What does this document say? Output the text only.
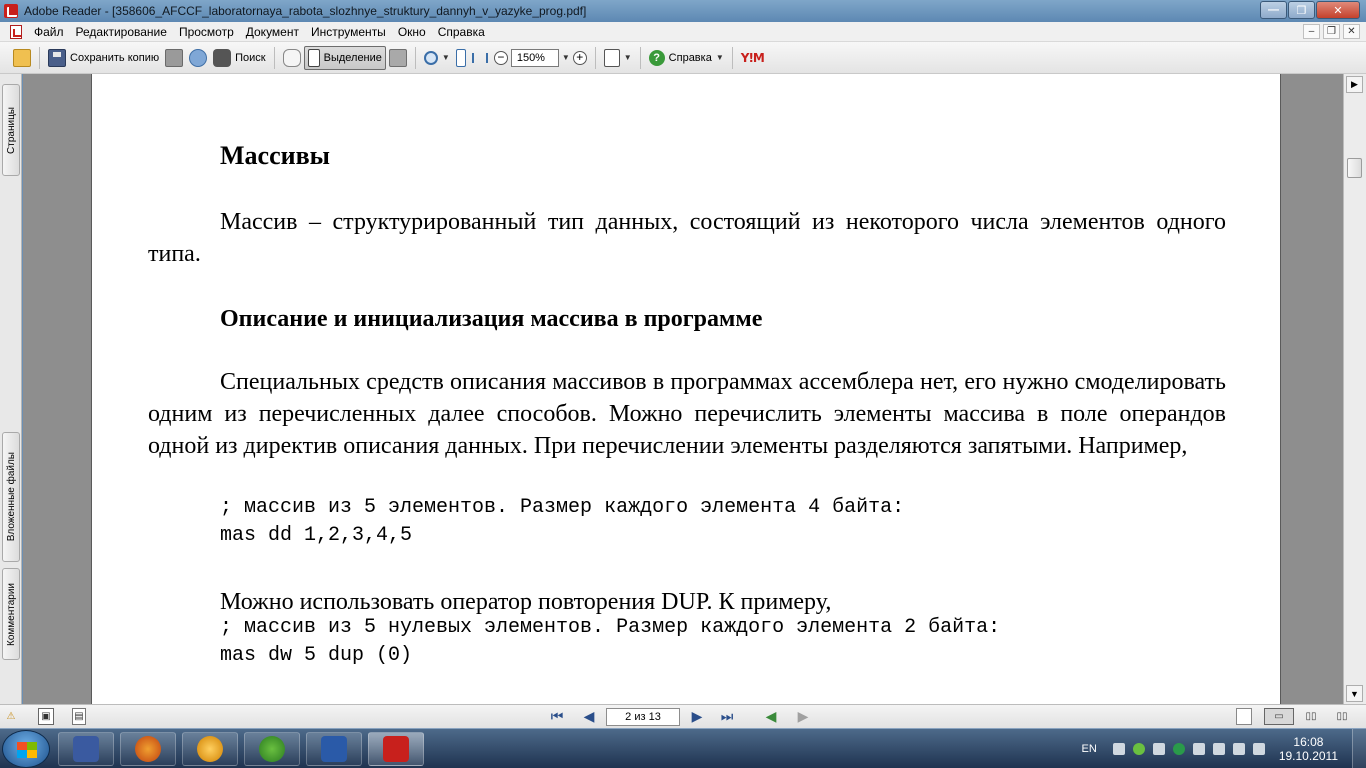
Adobe Reader - [358606_AFCCF_laboratornaya_rabota_slozhnye_struktury_dannyh_v_yazyke_prog.pdf]	—	❐	✕
Файл	Редактирование	Просмотр	Документ	Инструменты	Окно	Справка	–	❐	✕
Сохранить копию	Поиск	Выделение	▼	−	150%	▼ +	▼	? Справка ▼ Y!M
Страницы
Вложенные файлы
Комментарии
Массивы
Массив – структурированный тип данных, состоящий из некоторого числа элементов одного типа.
Описание и инициализация массива в программе
Специальных средств описания массивов в программах ассемблера нет, его нужно смоделировать одним из перечисленных далее способов. Можно перечислить элементы массива в поле операндов одной из директив описания данных. При перечислении элементы разделяются запятыми. Например,
; массив из 5 элементов. Размер каждого элемента 4 байта:
mas dd 1,2,3,4,5
Можно использовать оператор повторения DUP. К примеру,
; массив из 5 нулевых элементов. Размер каждого элемента 2 байта:
mas dw 5 dup (0)
▶
▼
⚠	▣	▤	⏮ ◀	2 из 13	▶ ⏭ ◀ ▶	▭	▯▯	▯▯
EN	16:08
19.10.2011
